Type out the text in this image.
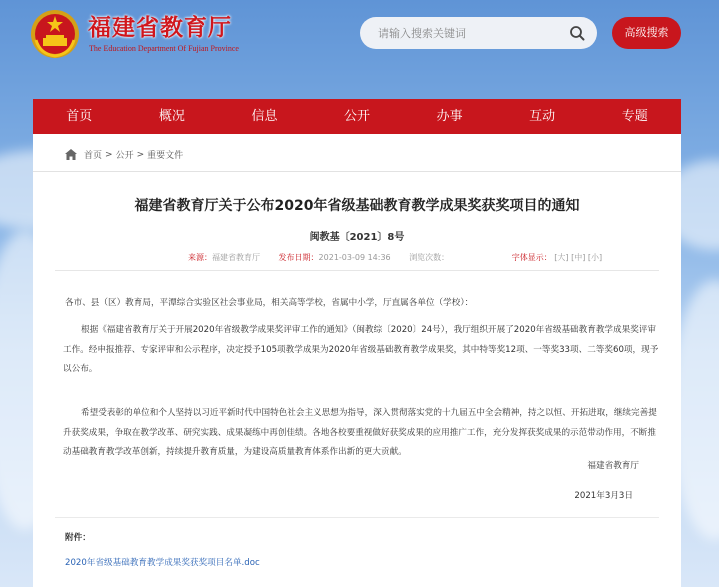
福建省教育厅
The Education Department Of Fujian Province
请输入搜索关键词
高级搜索
首页	概况	信息	公开	办事	互动	专题
首页 > 公开 > 重要文件
福建省教育厅关于公布2020年省级基础教育教学成果奖获奖项目的通知
闽教基〔2021〕8号
来源：福建省教育厅 发布日期：2021-03-09 14:36 浏览次数：	字体显示： [大] [中] [小]
各市、县（区）教育局，平潭综合实验区社会事业局，相关高等学校，省属中小学，厅直属各单位（学校）：
根据《福建省教育厅关于开展2020年省级教学成果奖评审工作的通知》（闽教综〔2020〕24号），我厅组织开展了2020年省级基础教育教学成果奖评审工作。经申报推荐、专家评审和公示程序，决定授予105项教学成果为2020年省级基础教育教学成果奖，其中特等奖12项、一等奖33项、二等奖60项，现予以公布。
希望受表彰的单位和个人坚持以习近平新时代中国特色社会主义思想为指导，深入贯彻落实党的十九届五中全会精神，持之以恒、开拓进取，继续完善提升获奖成果，争取在教学改革、研究实践、成果凝练中再创佳绩。各地各校要重视做好获奖成果的应用推广工作，充分发挥获奖成果的示范带动作用，不断推动基础教育教学改革创新，持续提升教育质量，为建设高质量教育体系作出新的更大贡献。
福建省教育厅
2021年3月3日
附件：
2020年省级基础教育教学成果奖获奖项目名单.doc
